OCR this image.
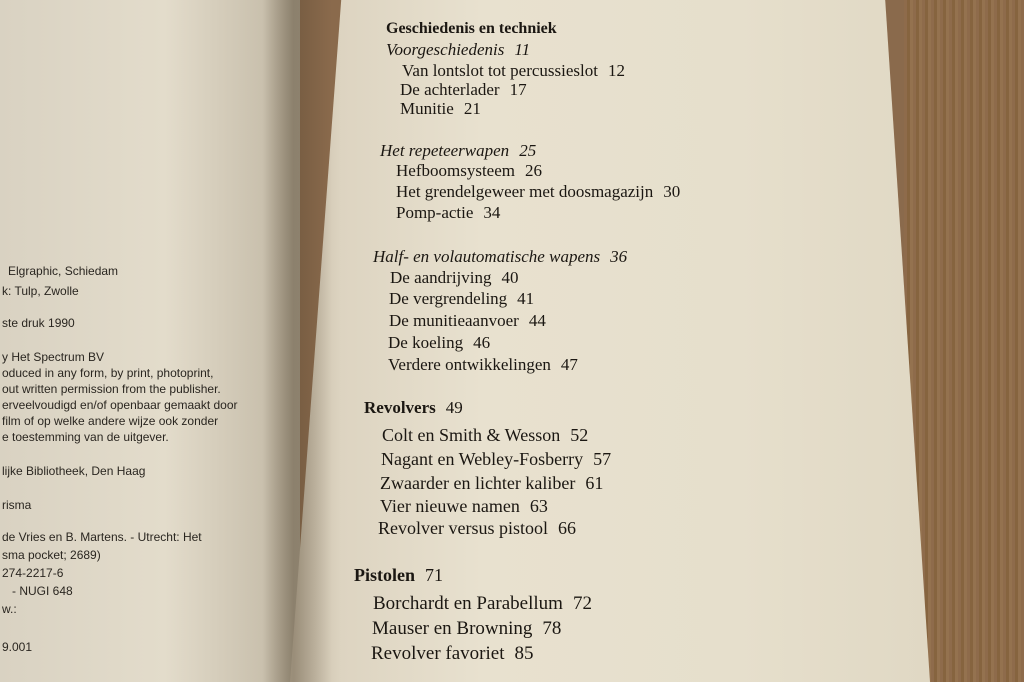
Elgraphic, Schiedam
k: Tulp, Zwolle
ste druk 1990
y Het Spectrum BV
oduced in any form, by print, photoprint,
out written permission from the publisher.
erveelvoudigd en/of openbaar gemaakt door
film of op welke andere wijze ook zonder
e toestemming van de uitgever.
lijke Bibliotheek, Den Haag
risma
de Vries en B. Martens. - Utrecht: Het
sma pocket; 2689)
274-2217-6
- NUGI 648
w.:
9.001
Geschiedenis en techniek
Voorgeschiedenis 11
Van lontslot tot percussieslot 12
De achterlader 17
Munitie 21
Het repeteerwapen 25
Hefboomsysteem 26
Het grendelgeweer met doosmagazijn 30
Pomp-actie 34
Half- en volautomatische wapens 36
De aandrijving 40
De vergrendeling 41
De munitieaanvoer 44
De koeling 46
Verdere ontwikkelingen 47
Revolvers 49
Colt en Smith & Wesson 52
Nagant en Webley-Fosberry 57
Zwaarder en lichter kaliber 61
Vier nieuwe namen 63
Revolver versus pistool 66
Pistolen 71
Borchardt en Parabellum 72
Mauser en Browning 78
Revolver favoriet 85
